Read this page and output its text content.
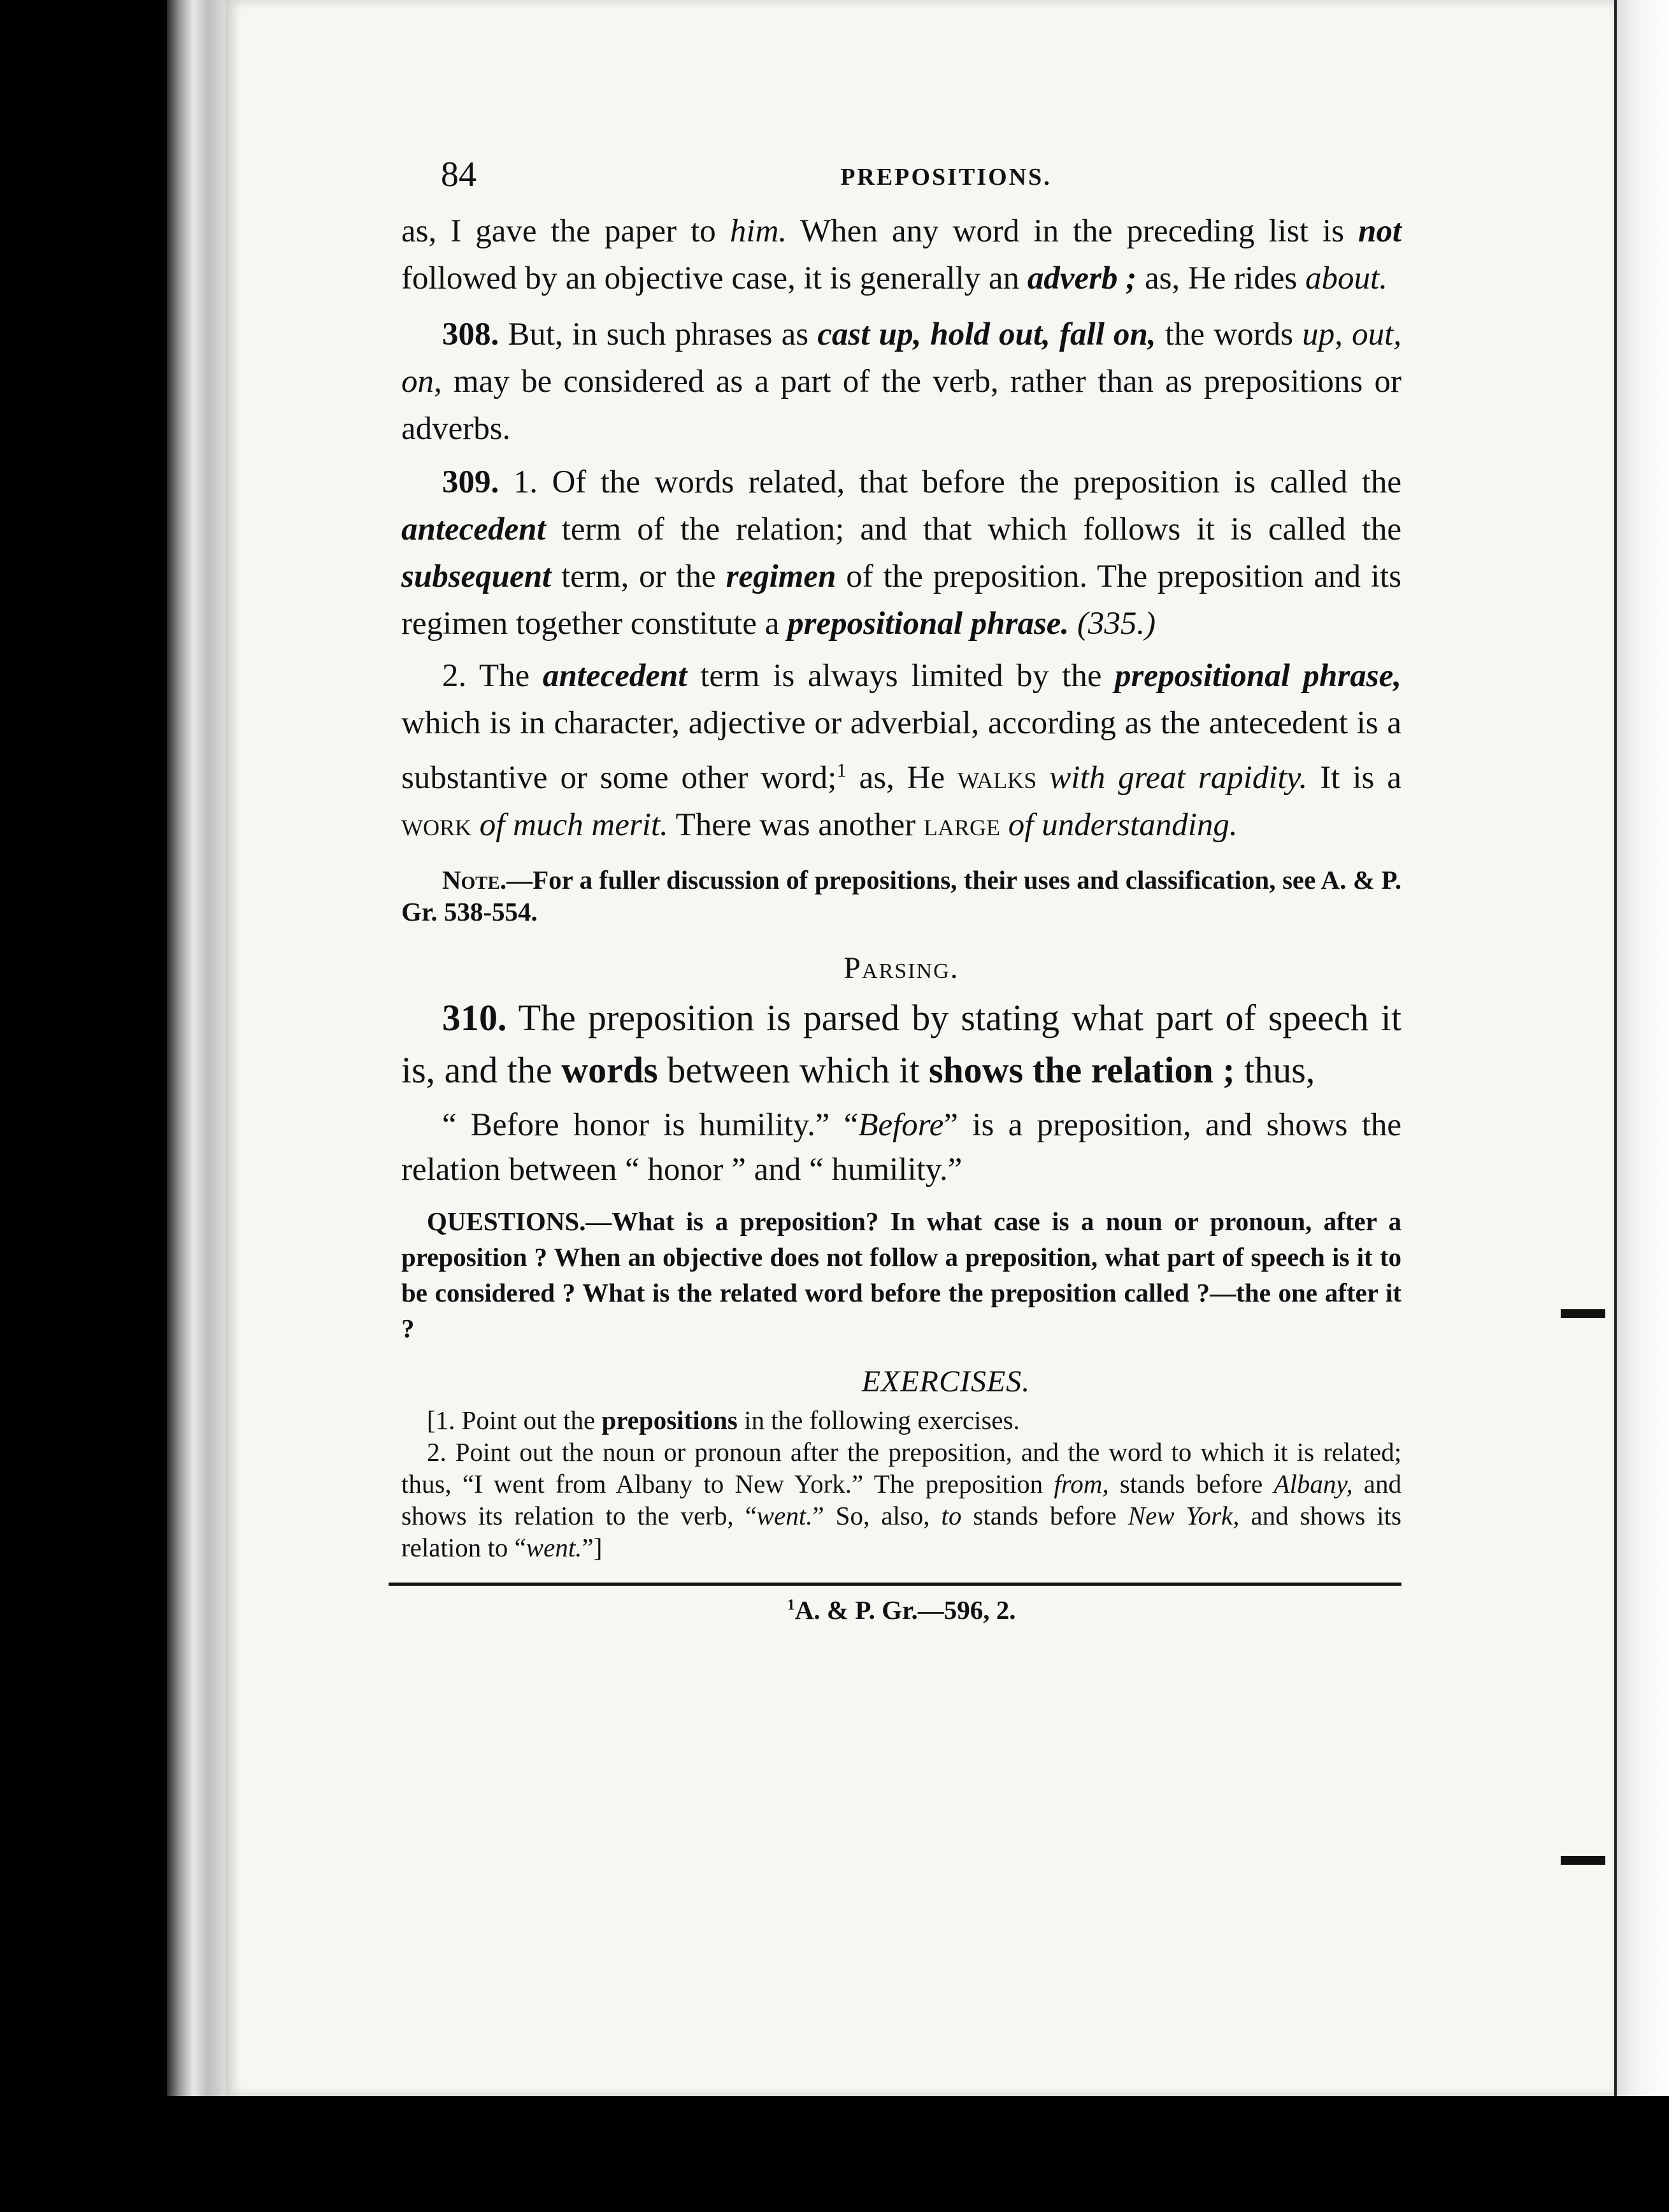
84	PREPOSITIONS.

as, I gave the paper to him. When any word in the preceding list is not followed by an objective case, it is generally an adverb ; as, He rides about.

308. But, in such phrases as cast up, hold out, fall on, the words up, out, on, may be considered as a part of the verb, rather than as prepositions or adverbs.

309. 1. Of the words related, that before the preposition is called the antecedent term of the relation; and that which follows it is called the subsequent term, or the regimen of the preposition. The preposition and its regimen together constitute a prepositional phrase. (335.)

2. The antecedent term is always limited by the prepositional phrase, which is in character, adjective or adverbial, according as the antecedent is a substantive or some other word;$^1$ as, He walks with great rapidity. It is a work of much merit. There was another large of understanding.

Note.—For a fuller discussion of prepositions, their uses and classification, see A. & P. Gr. 538-554.

Parsing.

310. The preposition is parsed by stating what part of speech it is, and the words between which it shows the relation ; thus,

“ Before honor is humility.” “Before” is a preposition, and shows the relation between “ honor ” and “ humility.”

QUESTIONS.—What is a preposition? In what case is a noun or pronoun, after a preposition ? When an objective does not follow a preposition, what part of speech is it to be considered ? What is the related word before the preposition called ?—the one after it ?

EXERCISES.

[1. Point out the prepositions in the following exercises.

2. Point out the noun or pronoun after the preposition, and the word to which it is related; thus, “I went from Albany to New York.” The preposition from, stands before Albany, and shows its relation to the verb, “went.” So, also, to stands before New York, and shows its relation to “went.”]

$^1$A. & P. Gr.—596, 2.
